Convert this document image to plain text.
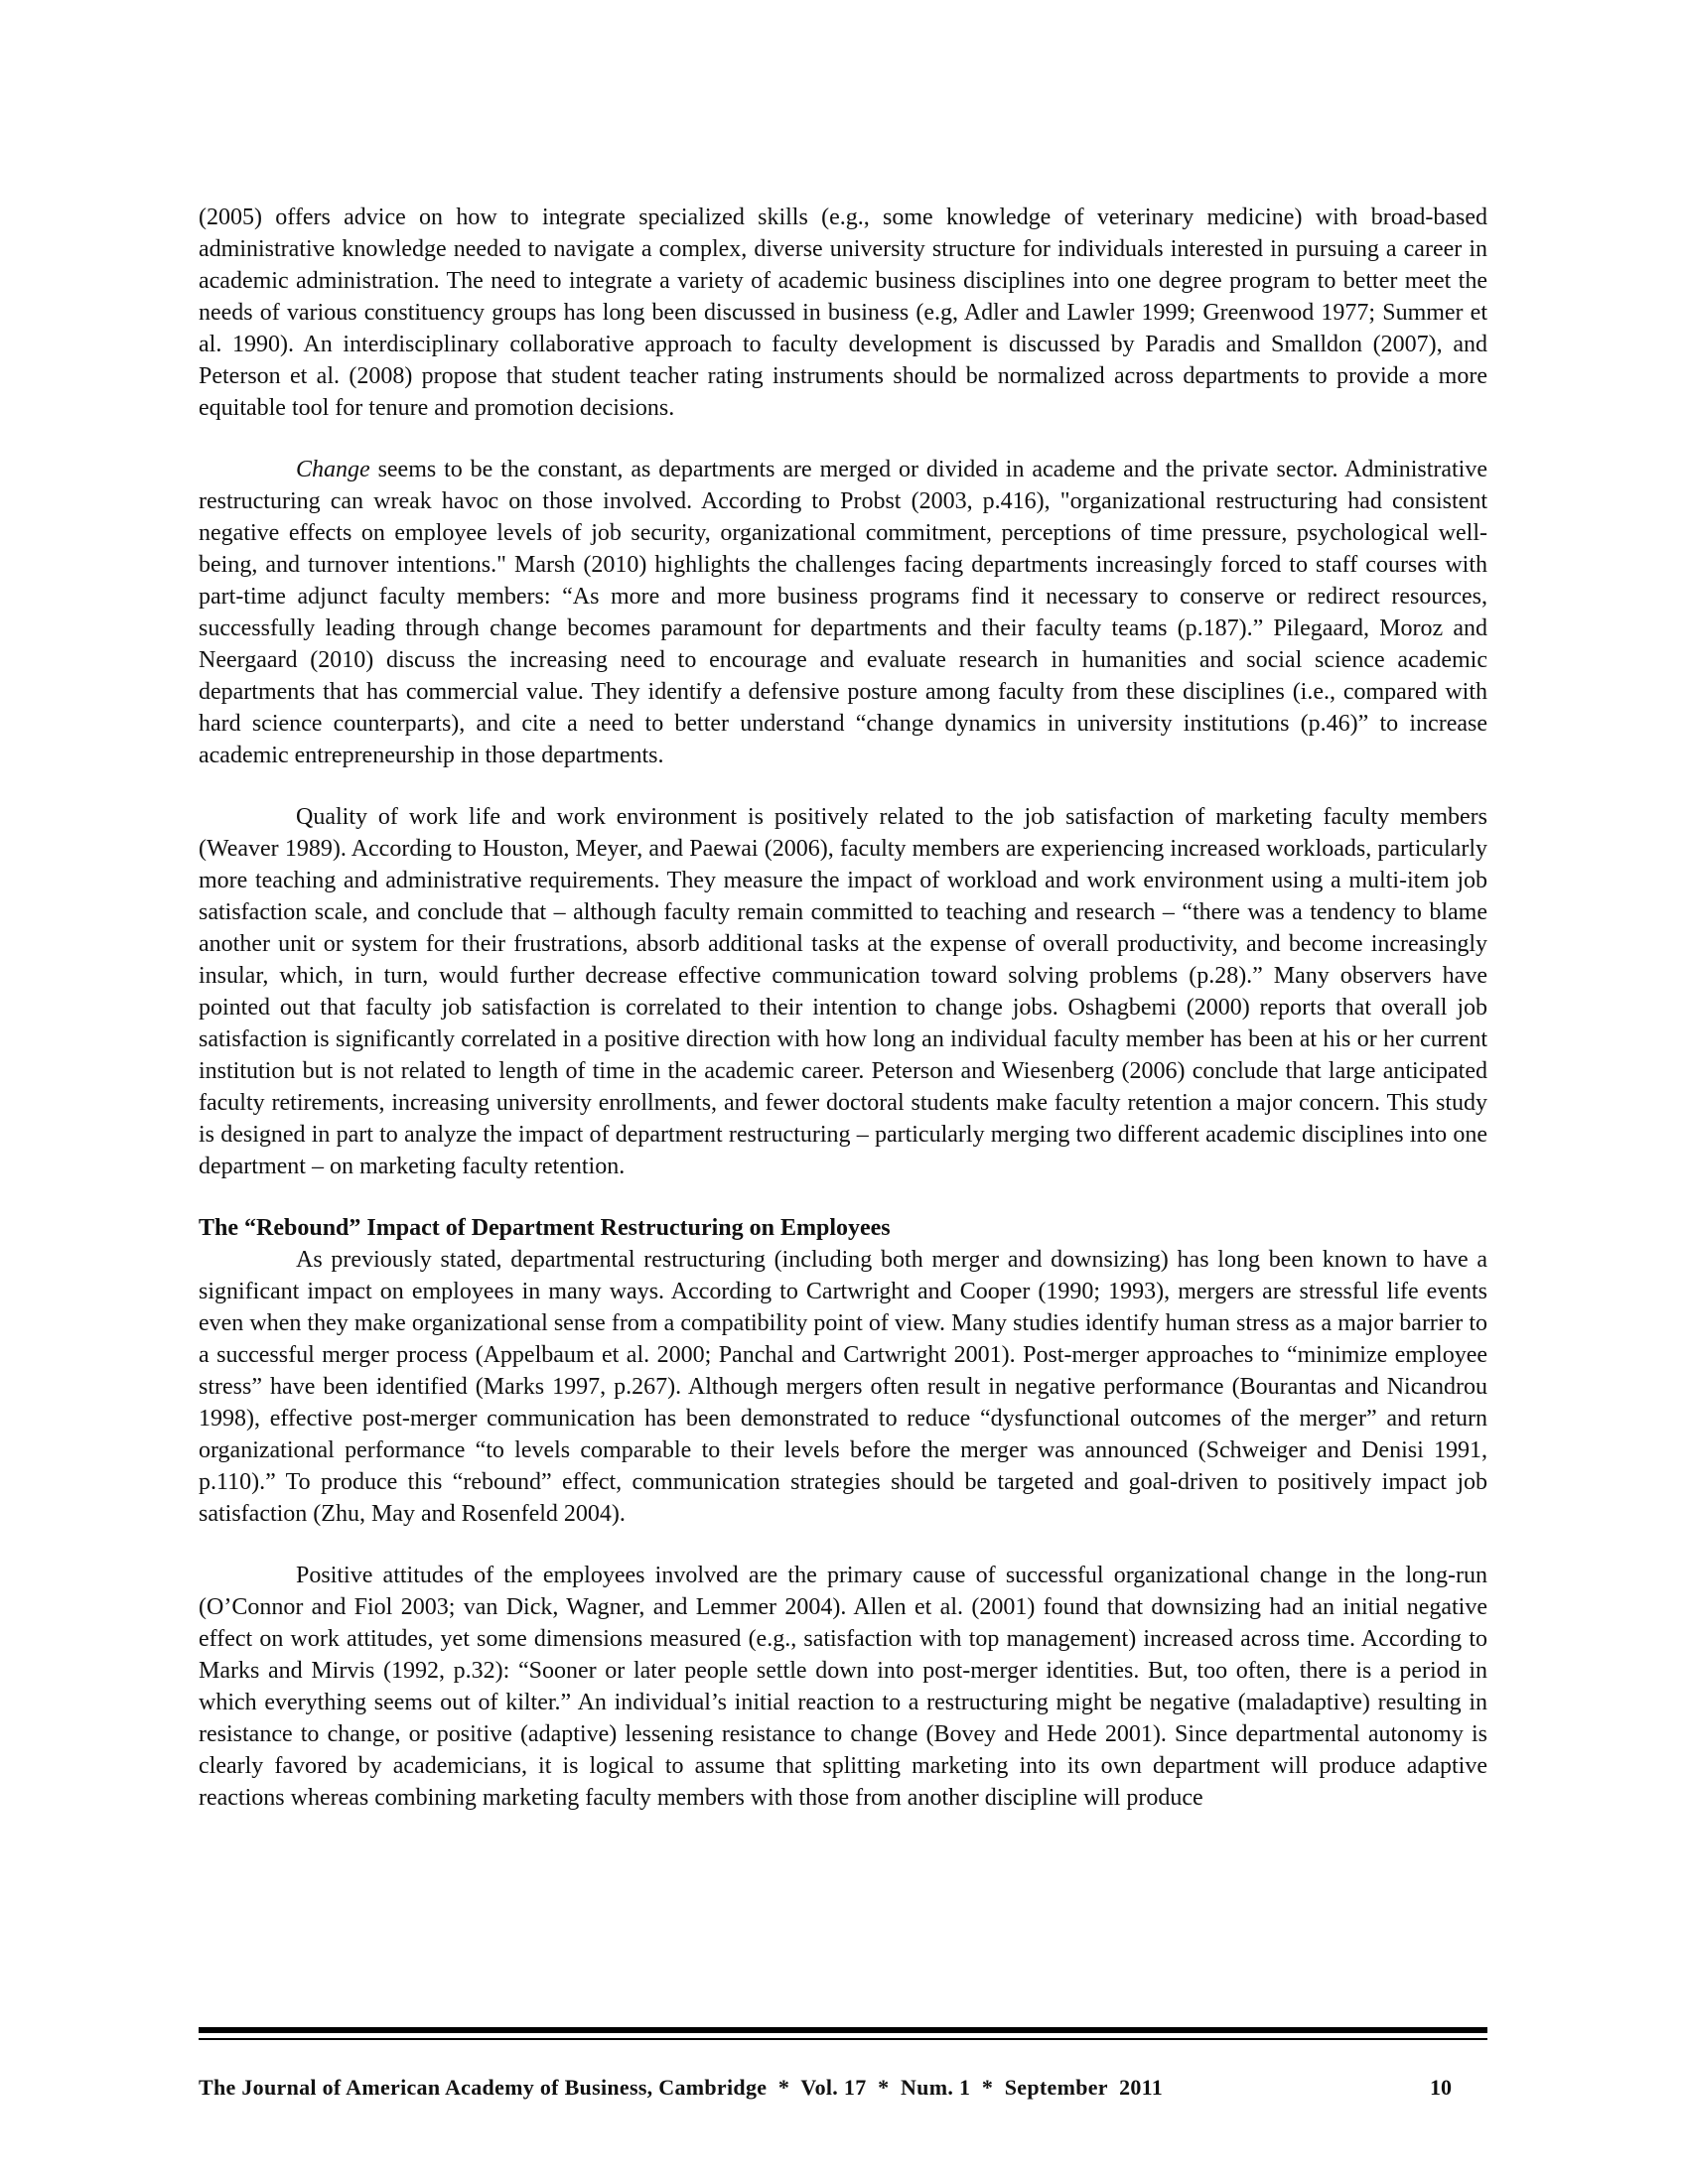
(2005) offers advice on how to integrate specialized skills (e.g., some knowledge of veterinary medicine) with broad-based administrative knowledge needed to navigate a complex, diverse university structure for individuals interested in pursuing a career in academic administration. The need to integrate a variety of academic business disciplines into one degree program to better meet the needs of various constituency groups has long been discussed in business (e.g, Adler and Lawler 1999; Greenwood 1977; Summer et al. 1990). An interdisciplinary collaborative approach to faculty development is discussed by Paradis and Smalldon (2007), and Peterson et al. (2008) propose that student teacher rating instruments should be normalized across departments to provide a more equitable tool for tenure and promotion decisions.

Change seems to be the constant, as departments are merged or divided in academe and the private sector. Administrative restructuring can wreak havoc on those involved. According to Probst (2003, p.416), "organizational restructuring had consistent negative effects on employee levels of job security, organizational commitment, perceptions of time pressure, psychological well-being, and turnover intentions." Marsh (2010) highlights the challenges facing departments increasingly forced to staff courses with part-time adjunct faculty members: “As more and more business programs find it necessary to conserve or redirect resources, successfully leading through change becomes paramount for departments and their faculty teams (p.187).” Pilegaard, Moroz and Neergaard (2010) discuss the increasing need to encourage and evaluate research in humanities and social science academic departments that has commercial value. They identify a defensive posture among faculty from these disciplines (i.e., compared with hard science counterparts), and cite a need to better understand “change dynamics in university institutions (p.46)” to increase academic entrepreneurship in those departments.

Quality of work life and work environment is positively related to the job satisfaction of marketing faculty members (Weaver 1989). According to Houston, Meyer, and Paewai (2006), faculty members are experiencing increased workloads, particularly more teaching and administrative requirements. They measure the impact of workload and work environment using a multi-item job satisfaction scale, and conclude that – although faculty remain committed to teaching and research – “there was a tendency to blame another unit or system for their frustrations, absorb additional tasks at the expense of overall productivity, and become increasingly insular, which, in turn, would further decrease effective communication toward solving problems (p.28).” Many observers have pointed out that faculty job satisfaction is correlated to their intention to change jobs. Oshagbemi (2000) reports that overall job satisfaction is significantly correlated in a positive direction with how long an individual faculty member has been at his or her current institution but is not related to length of time in the academic career. Peterson and Wiesenberg (2006) conclude that large anticipated faculty retirements, increasing university enrollments, and fewer doctoral students make faculty retention a major concern. This study is designed in part to analyze the impact of department restructuring – particularly merging two different academic disciplines into one department – on marketing faculty retention.

The “Rebound” Impact of Department Restructuring on Employees

As previously stated, departmental restructuring (including both merger and downsizing) has long been known to have a significant impact on employees in many ways. According to Cartwright and Cooper (1990; 1993), mergers are stressful life events even when they make organizational sense from a compatibility point of view. Many studies identify human stress as a major barrier to a successful merger process (Appelbaum et al. 2000; Panchal and Cartwright 2001). Post-merger approaches to “minimize employee stress” have been identified (Marks 1997, p.267). Although mergers often result in negative performance (Bourantas and Nicandrou 1998), effective post-merger communication has been demonstrated to reduce “dysfunctional outcomes of the merger” and return organizational performance “to levels comparable to their levels before the merger was announced (Schweiger and Denisi 1991, p.110).” To produce this “rebound” effect, communication strategies should be targeted and goal-driven to positively impact job satisfaction (Zhu, May and Rosenfeld 2004).

Positive attitudes of the employees involved are the primary cause of successful organizational change in the long-run (O’Connor and Fiol 2003; van Dick, Wagner, and Lemmer 2004). Allen et al. (2001) found that downsizing had an initial negative effect on work attitudes, yet some dimensions measured (e.g., satisfaction with top management) increased across time. According to Marks and Mirvis (1992, p.32): “Sooner or later people settle down into post-merger identities. But, too often, there is a period in which everything seems out of kilter.” An individual’s initial reaction to a restructuring might be negative (maladaptive) resulting in resistance to change, or positive (adaptive) lessening resistance to change (Bovey and Hede 2001). Since departmental autonomy is clearly favored by academicians, it is logical to assume that splitting marketing into its own department will produce adaptive reactions whereas combining marketing faculty members with those from another discipline will produce

The Journal of American Academy of Business, Cambridge  *  Vol. 17  *  Num. 1  *  September  2011	10
